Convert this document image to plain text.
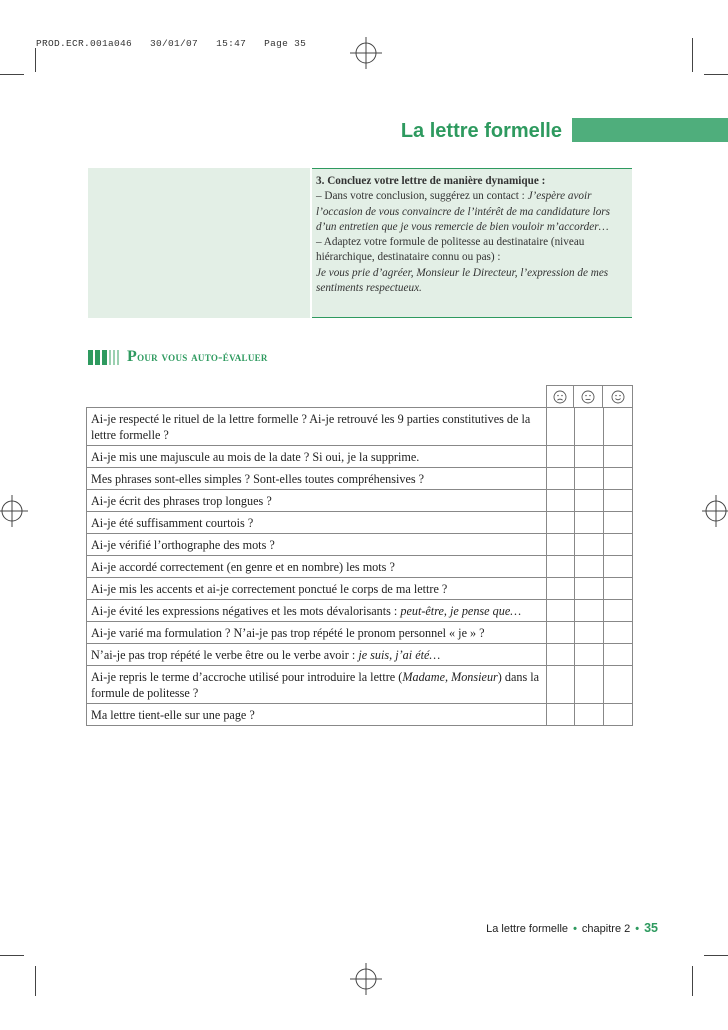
PROD.ECR.001a046 30/01/07 15:47 Page 35
La lettre formelle
3. Concluez votre lettre de manière dynamique :
– Dans votre conclusion, suggérez un contact : J’espère avoir l’occasion de vous convaincre de l’intérêt de ma candidature lors d’un entretien que je vous remercie de bien vouloir m’accorder…
– Adaptez votre formule de politesse au destinataire (niveau hiérarchique, destinataire connu ou pas) :
Je vous prie d’agréer, Monsieur le Directeur, l’expression de mes sentiments respectueux.
Pour vous auto-évaluer
Ai-je respecté le rituel de la lettre formelle ? Ai-je retrouvé les 9 parties constitutives de la lettre formelle ?
Ai-je mis une majuscule au mois de la date ? Si oui, je la supprime.
Mes phrases sont-elles simples ? Sont-elles toutes compréhensives ?
Ai-je écrit des phrases trop longues ?
Ai-je été suffisamment courtois ?
Ai-je vérifié l’orthographe des mots ?
Ai-je accordé correctement (en genre et en nombre) les mots ?
Ai-je mis les accents et ai-je correctement ponctué le corps de ma lettre ?
Ai-je évité les expressions négatives et les mots dévalorisants : peut-être, je pense que…
Ai-je varié ma formulation ? N’ai-je pas trop répété le pronom personnel « je » ?
N’ai-je pas trop répété le verbe être ou le verbe avoir : je suis, j’ai été…
Ai-je repris le terme d’accroche utilisé pour introduire la lettre (Madame, Monsieur) dans la formule de politesse ?
Ma lettre tient-elle sur une page ?
La lettre formelle • chapitre 2 • 35
